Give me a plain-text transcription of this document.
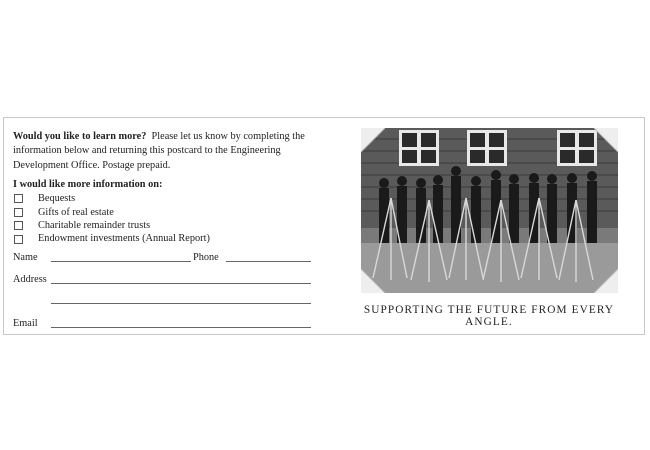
Would you like to learn more? Please let us know by completing the information below and returning this postcard to the Engineering Development Office. Postage prepaid.

I would like more information on:
Bequests
Gifts of real estate
Charitable remainder trusts
Endowment investments (Annual Report)
Name	Phone
Address
Email
SUPPORTING THE FUTURE FROM EVERY ANGLE.
